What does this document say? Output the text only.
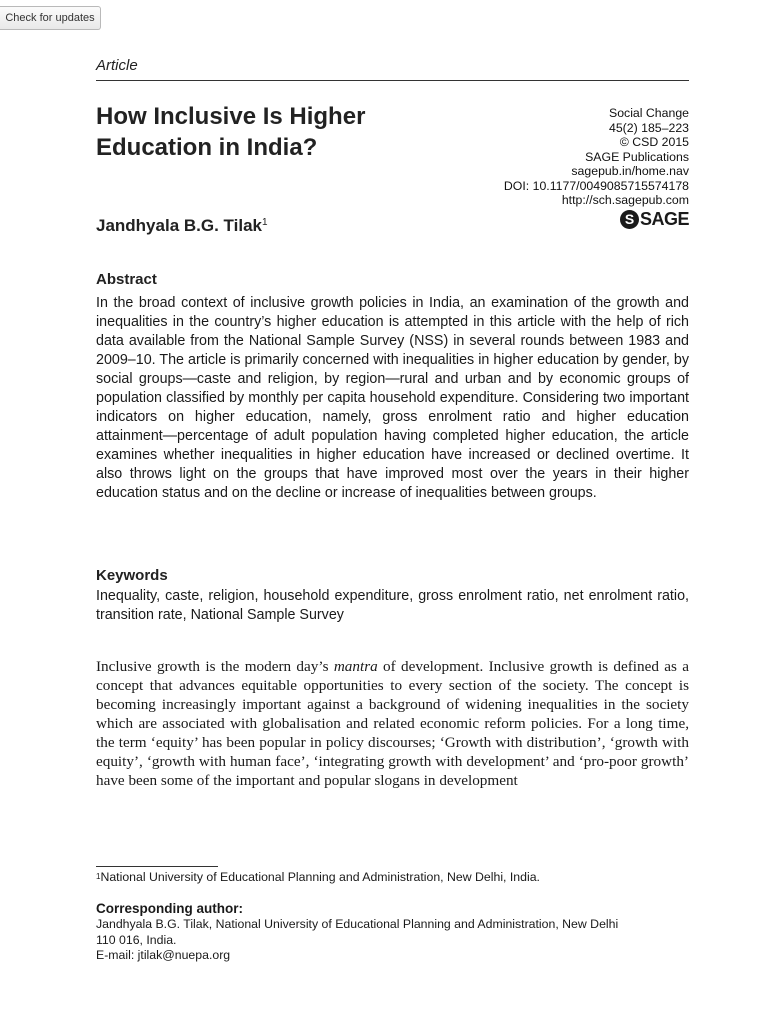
Check for updates
Article
How Inclusive Is Higher
Education in India?
Social Change
45(2) 185–223
© CSD 2015
SAGE Publications
sagepub.in/home.nav
DOI: 10.1177/0049085715574178
http://sch.sagepub.com
S SAGE
Jandhyala B.G. Tilak$^1$
Abstract
In the broad context of inclusive growth policies in India, an examination of the growth and inequalities in the country’s higher education is attempted in this article with the help of rich data available from the National Sample Survey (NSS) in several rounds between 1983 and 2009–10. The article is primarily concerned with inequalities in higher education by gender, by social groups—caste and religion, by region—rural and urban and by economic groups of population classified by monthly per capita household expenditure. Considering two important indicators on higher education, namely, gross enrolment ratio and higher education attainment—percentage of adult population having completed higher education, the article examines whether inequalities in higher education have increased or declined overtime. It also throws light on the groups that have improved most over the years in their higher education status and on the decline or increase of inequalities between groups.
Keywords
Inequality, caste, religion, household expenditure, gross enrolment ratio, net enrolment ratio, transition rate, National Sample Survey
Inclusive growth is the modern day’s mantra of development. Inclusive growth is defined as a concept that advances equitable opportunities to every section of the society. The concept is becoming increasingly important against a background of widening inequalities in the society which are associated with globalisation and related economic reform policies. For a long time, the term ‘equity’ has been popular in policy discourses; ‘Growth with distribution’, ‘growth with equity’, ‘growth with human face’, ‘integrating growth with development’ and ‘pro-poor growth’ have been some of the important and popular slogans in development
$^1$National University of Educational Planning and Administration, New Delhi, India.
Corresponding author:
Jandhyala B.G. Tilak, National University of Educational Planning and Administration, New Delhi
110 016, India.
E-mail: jtilak@nuepa.org
